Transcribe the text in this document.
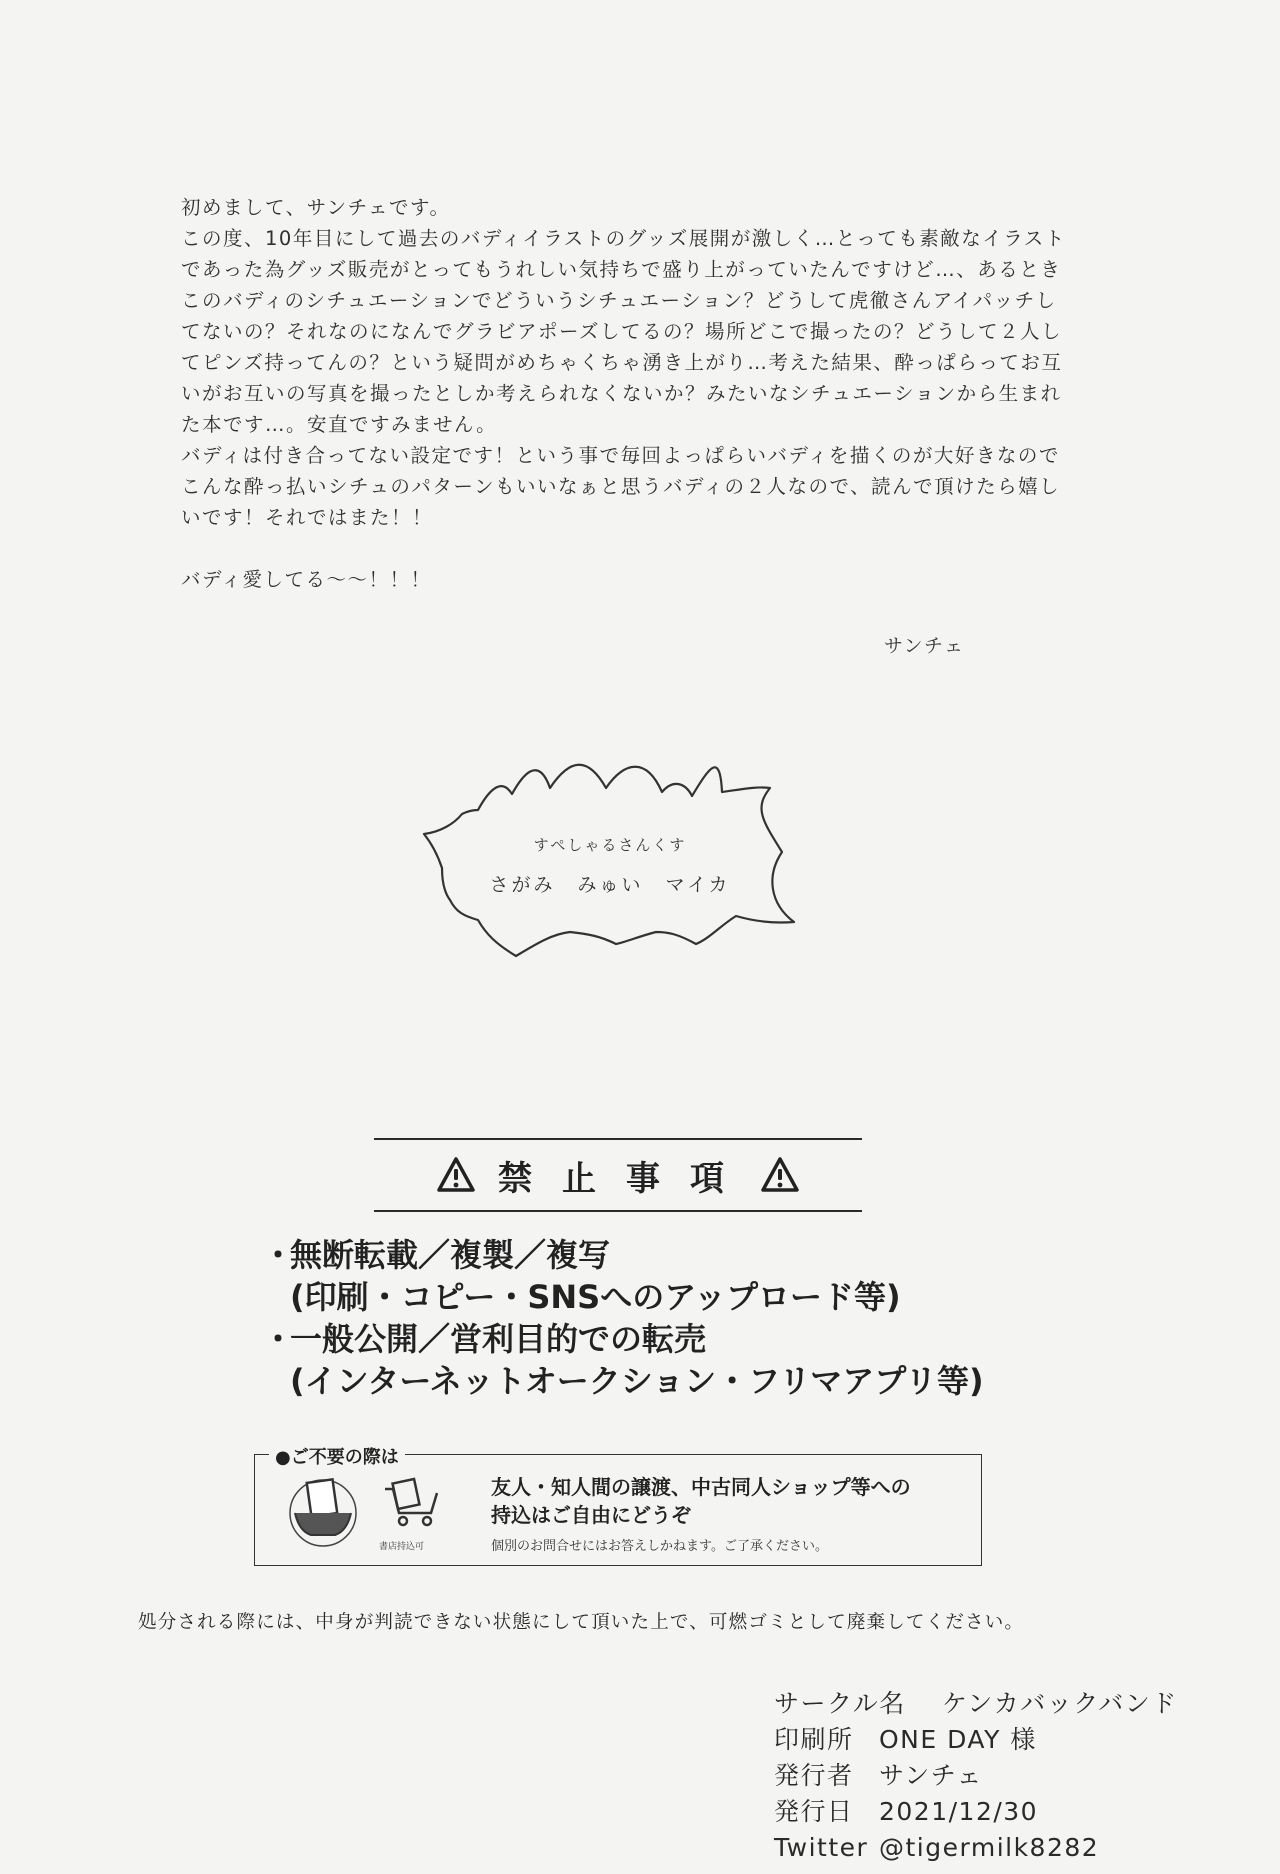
初めまして、サンチェです。

この度、10年目にして過去のバディイラストのグッズ展開が激しく…とっても素敵なイラスト

であった為グッズ販売がとってもうれしい気持ちで盛り上がっていたんですけど…、あるとき

このバディのシチュエーションでどういうシチュエーション？どうして虎徹さんアイパッチし

てないの？それなのになんでグラビアポーズしてるの？場所どこで撮ったの？どうして２人し

てピンズ持ってんの？という疑問がめちゃくちゃ湧き上がり…考えた結果、酔っぱらってお互

いがお互いの写真を撮ったとしか考えられなくないか？みたいなシチュエーションから生まれ

た本です…。安直ですみません。

バディは付き合ってない設定です！という事で毎回よっぱらいバディを描くのが大好きなので

こんな酔っ払いシチュのパターンもいいなぁと思うバディの２人なので、読んで頂けたら嬉し

いです！それではまた！！

バディ愛してる〜〜！！！

サンチェ
すぺしゃるさんくす
さがみ　みゅい　マイカ
禁止事項
・無断転載／複製／複写
(印刷・コピー・SNSへのアップロード等)
・一般公開／営利目的での転売
(インターネットオークション・フリマアプリ等)
●ご不要の際は
書店持込可
友人・知人間の譲渡、中古同人ショップ等への
持込はご自由にどうぞ
個別のお問合せにはお答えしかねます。ご了承ください。
処分される際には、中身が判読できない状態にして頂いた上で、可燃ゴミとして廃棄してください。
サークル名 ケンカバックバンド
印刷所 ONE DAY 様
発行者 サンチェ
発行日 2021/12/30
Twitter @tigermilk8282
